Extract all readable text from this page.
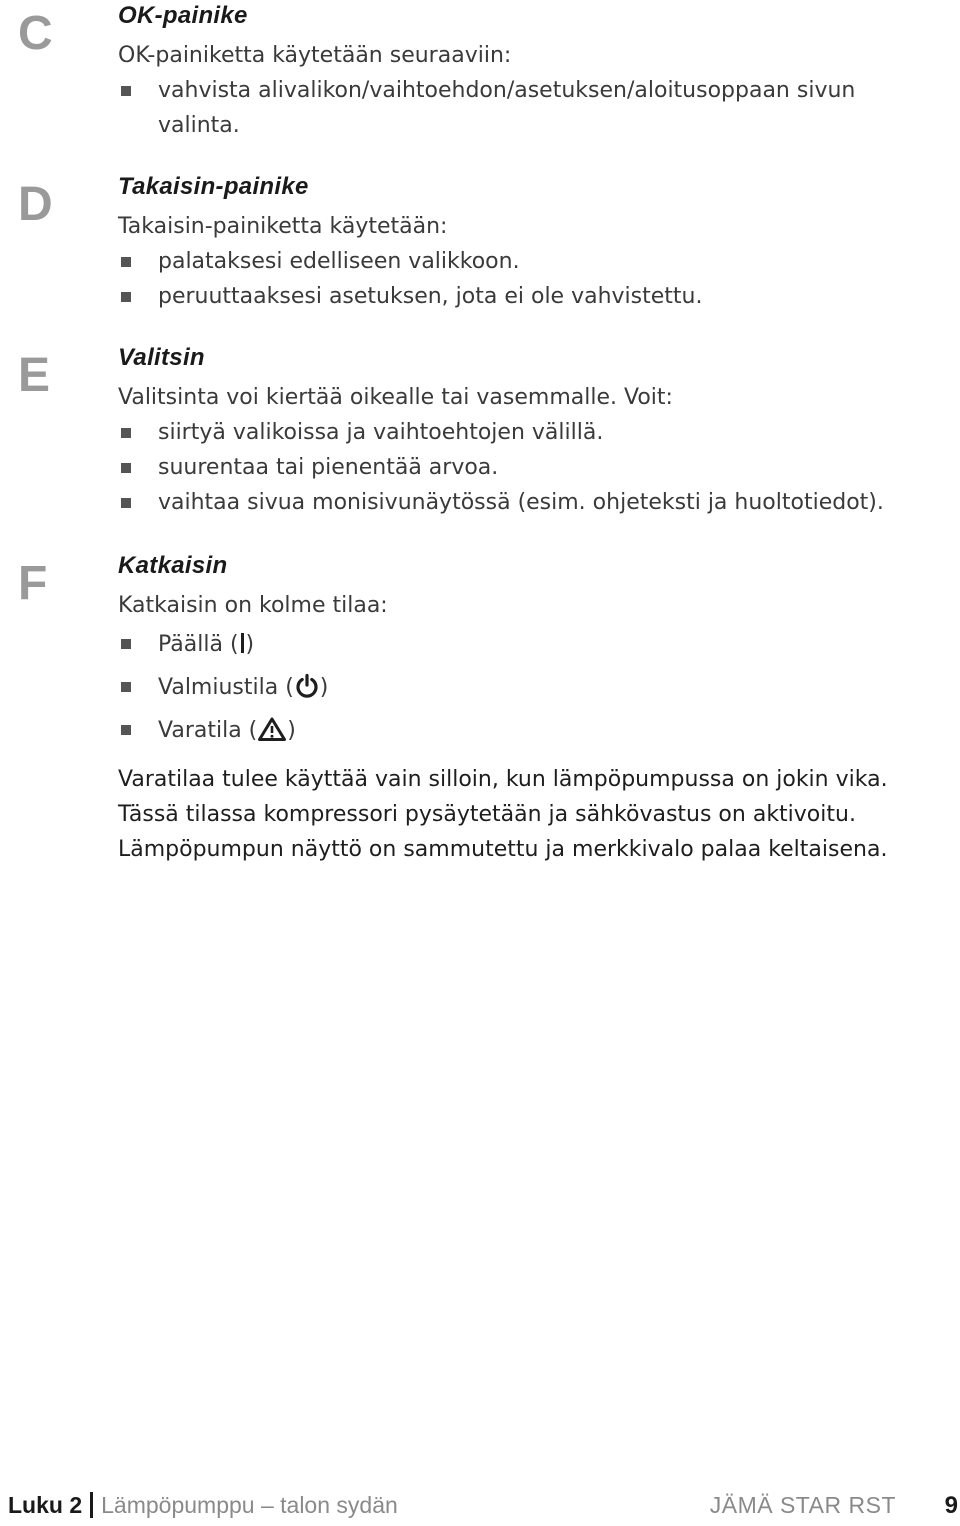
C	OK-painike
OK-painiketta käytetään seuraaviin:
vahvista alivalikon/vaihtoehdon/asetuksen/aloitusoppaan sivun valinta.
D	Takaisin-painike
Takaisin-painiketta käytetään:
palataksesi edelliseen valikkoon.
peruuttaaksesi asetuksen, jota ei ole vahvistettu.
E	Valitsin
Valitsinta voi kiertää oikealle tai vasemmalle. Voit:
siirtyä valikoissa ja vaihtoehtojen välillä.
suurentaa tai pienentää arvoa.
vaihtaa sivua monisivunäytössä (esim. ohjeteksti ja huoltotiedot).
F	Katkaisin
Katkaisin on kolme tilaa:
Päällä ( )
Valmiustila ( )
Varatila ( )

Varatilaa tulee käyttää vain silloin, kun lämpöpumpussa on jokin vika.

Tässä tilassa kompressori pysäytetään ja sähkövastus on aktivoitu.

Lämpöpumpun näyttö on sammutettu ja merkkivalo palaa keltaisena.

Luku 2 Lämpöpumppu – talon sydän	JÄMÄ STAR RST 9
